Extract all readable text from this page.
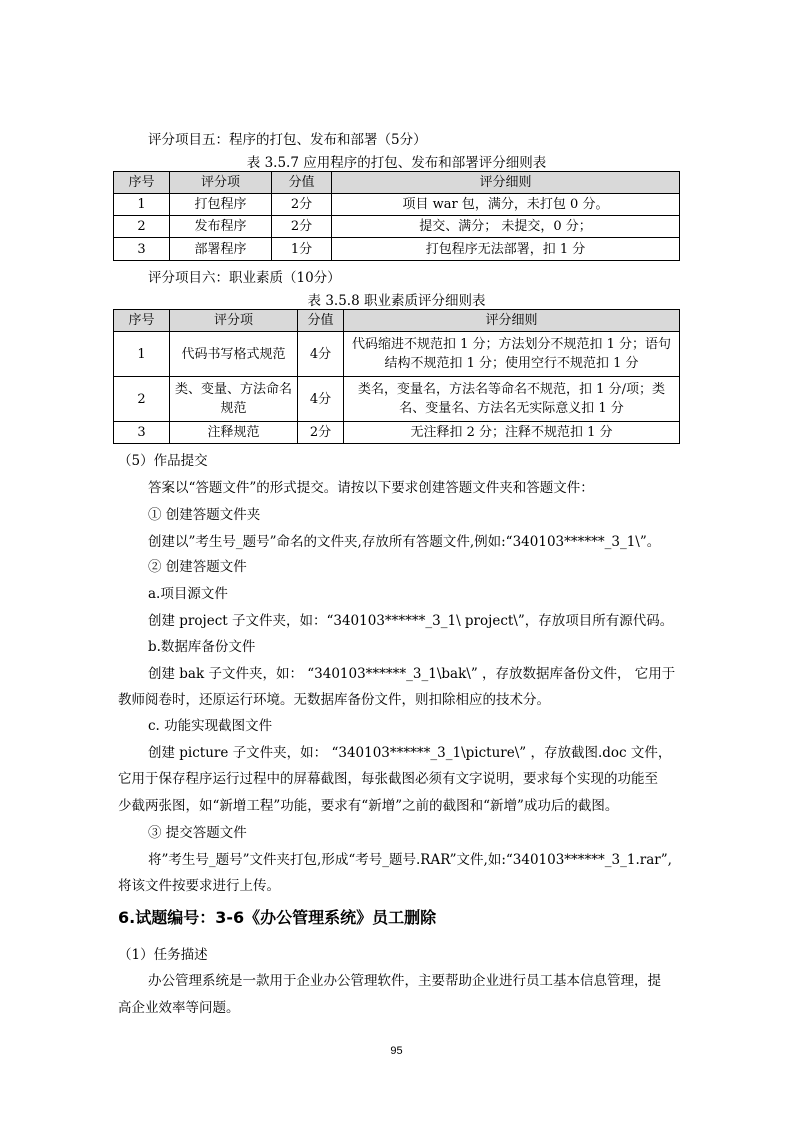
评分项目五：程序的打包、发布和部署（5分）
表 3.5.7 应用程序的打包、发布和部署评分细则表
序号	评分项	分值	评分细则
1	打包程序	2分	项目 war 包，满分，未打包 0 分。
2	发布程序	2分	提交、满分； 未提交，0 分；
3	部署程序	1分	打包程序无法部署，扣 1 分
评分项目六：职业素质（10分）
表 3.5.8 职业素质评分细则表
序号	评分项	分值	评分细则
1	代码书写格式规范	4分	代码缩进不规范扣 1 分；方法划分不规范扣 1 分；语句结构不规范扣 1 分；使用空行不规范扣 1 分
2	类、变量、方法命名规范	4分	类名，变量名，方法名等命名不规范，扣 1 分/项；类名、变量名、方法名无实际意义扣 1 分
3	注释规范	2分	无注释扣 2 分；注释不规范扣 1 分
（5）作品提交
答案以“答题文件”的形式提交。请按以下要求创建答题文件夹和答题文件：
① 创建答题文件夹
创建以”考生号_题号”命名的文件夹,存放所有答题文件,例如:“340103******_3_1\”。
② 创建答题文件
a.项目源文件
创建 project 子文件夹，如：“340103******_3_1\ project\”，存放项目所有源代码。
b.数据库备份文件
创建 bak 子文件夹，如： “340103******_3_1\bak\” ，存放数据库备份文件， 它用于
教师阅卷时，还原运行环境。无数据库备份文件，则扣除相应的技术分。
c. 功能实现截图文件
创建 picture 子文件夹，如： “340103******_3_1\picture\” ，存放截图.doc 文件，
它用于保存程序运行过程中的屏幕截图，每张截图必须有文字说明，要求每个实现的功能至
少截两张图，如“新增工程”功能，要求有“新增”之前的截图和“新增”成功后的截图。
③ 提交答题文件
将”考生号_题号”文件夹打包,形成“考号_题号.RAR”文件,如:“340103******_3_1.rar”,
将该文件按要求进行上传。
6.试题编号：3-6《办公管理系统》员工删除
（1）任务描述
办公管理系统是一款用于企业办公管理软件，主要帮助企业进行员工基本信息管理，提
高企业效率等问题。
95
